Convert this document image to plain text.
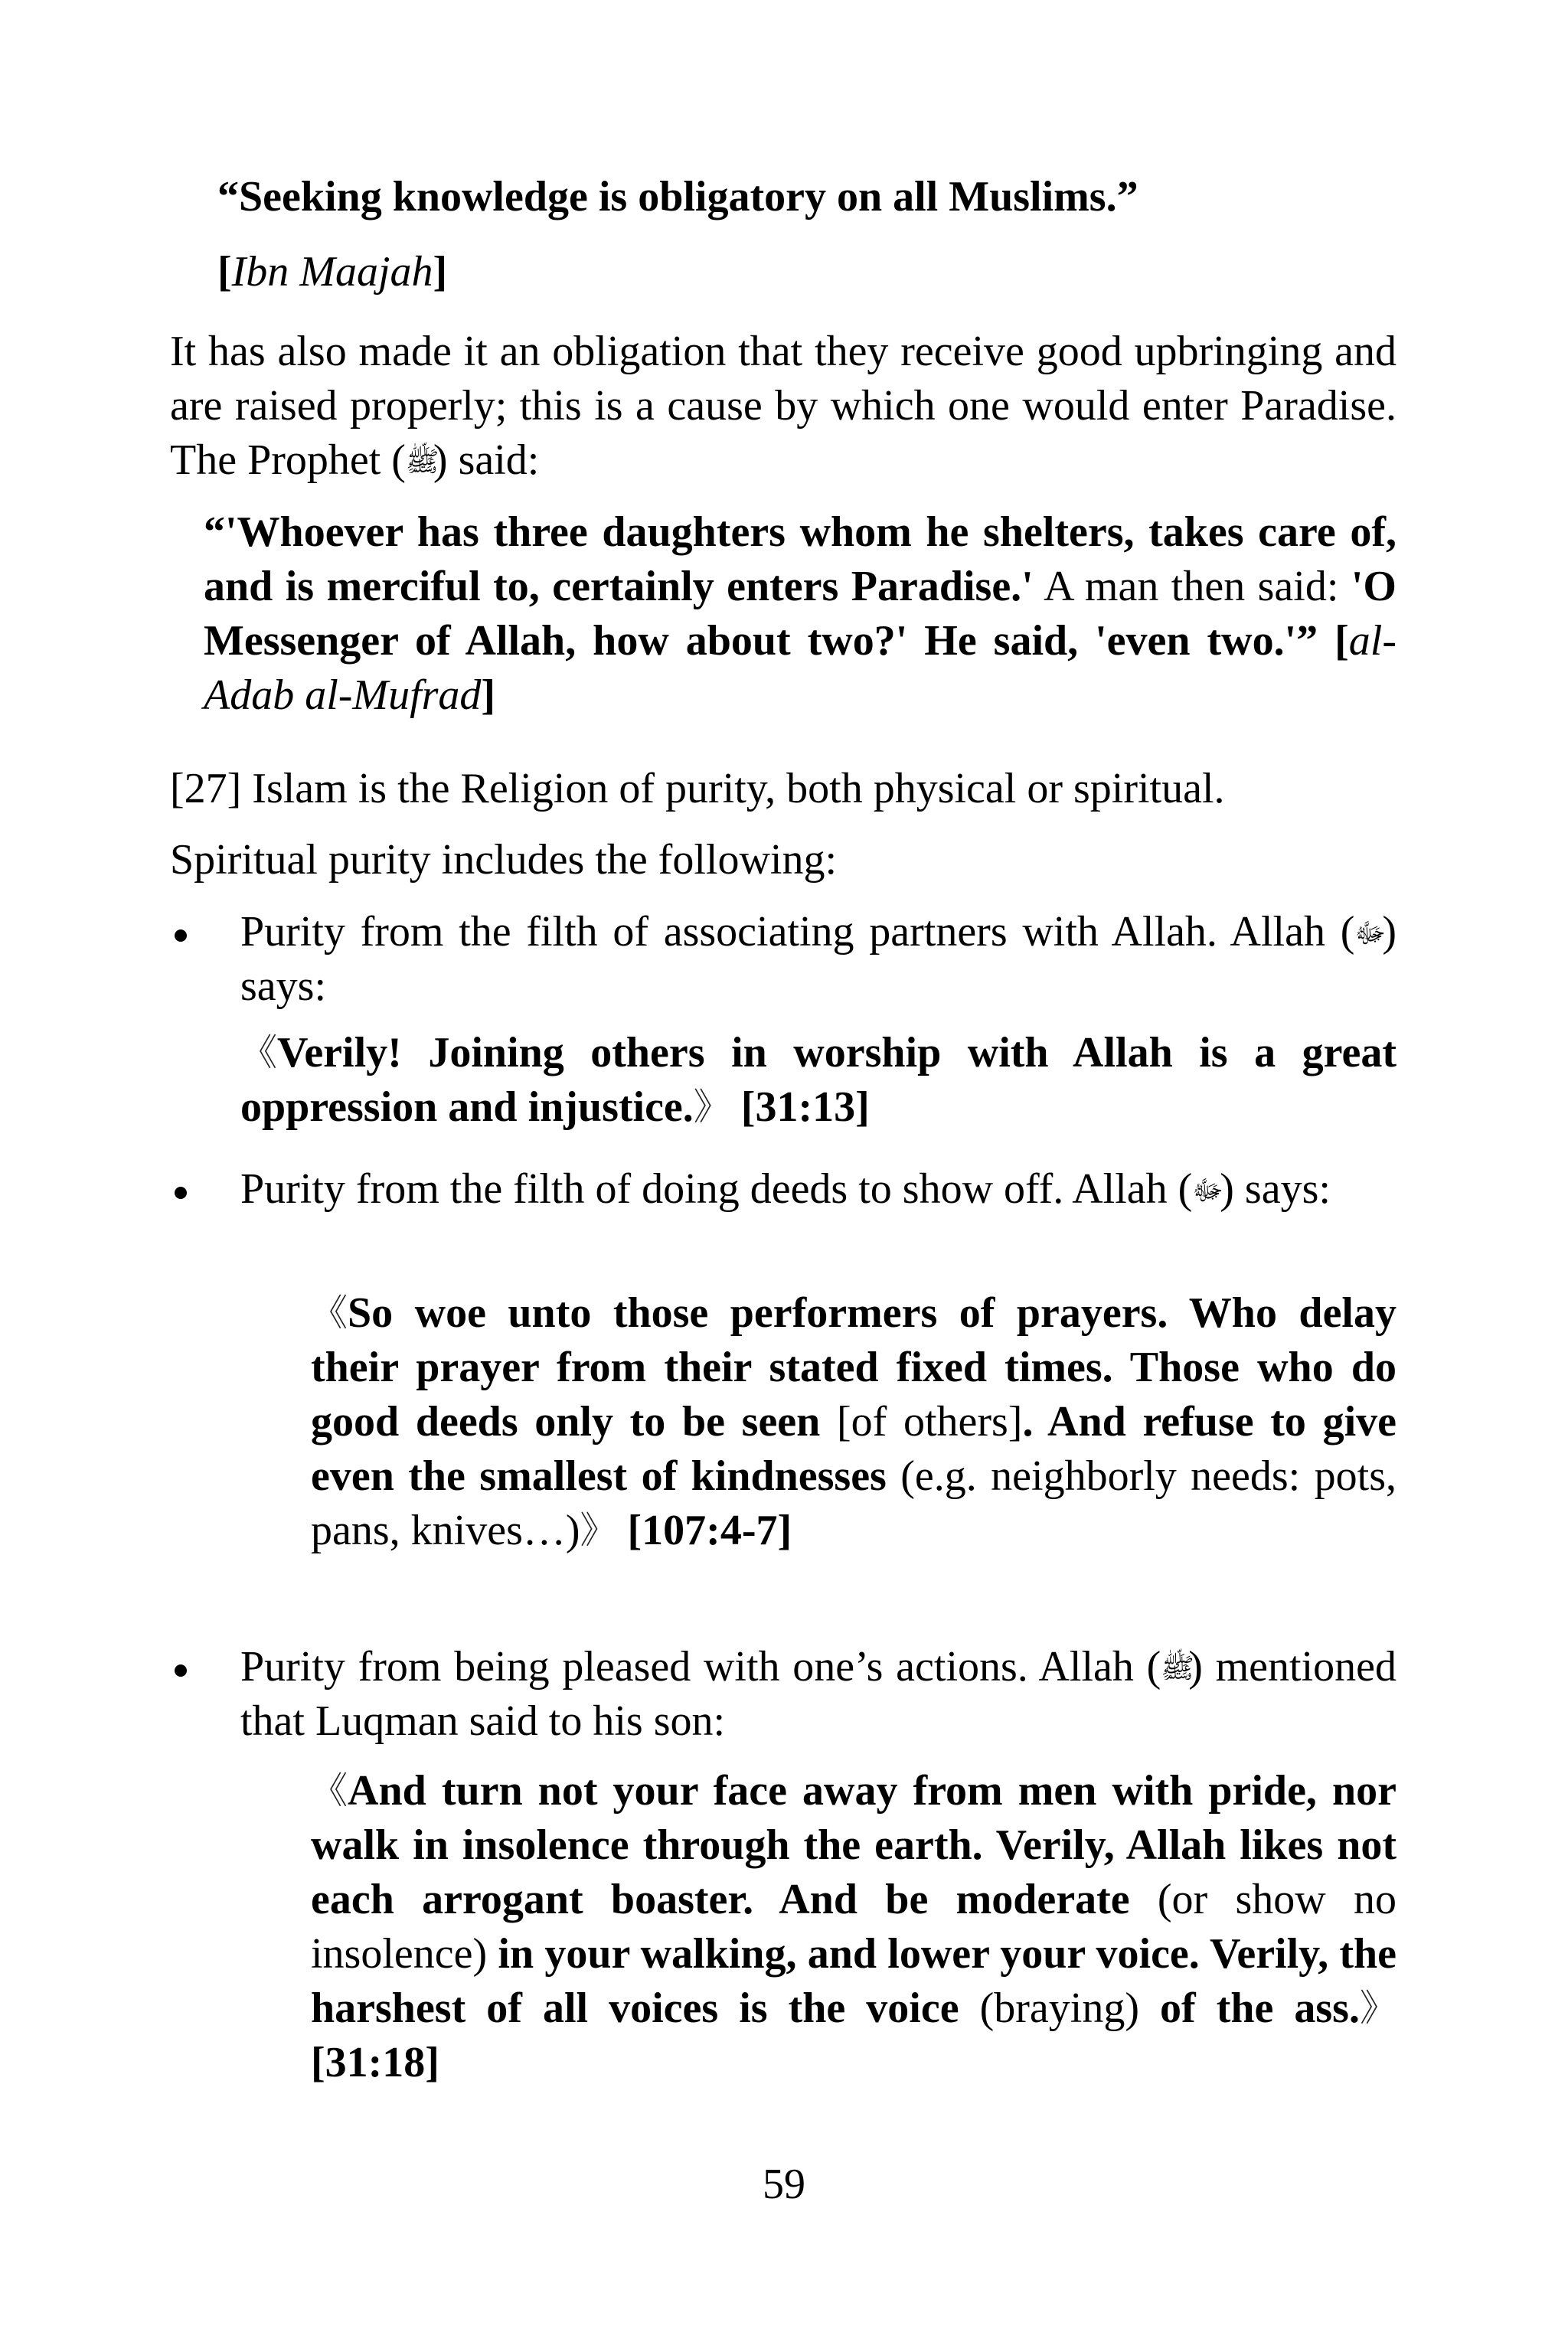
“Seeking knowledge is obligatory on all Muslims.”

[Ibn Maajah]

It has also made it an obligation that they receive good upbringing and are raised properly; this is a cause by which one would enter Paradise. The Prophet (ﷺ) said:

“'Whoever has three daughters whom he shelters, takes care of, and is merciful to, certainly enters Paradise.' A man then said: 'O Messenger of Allah, how about two?' He said, 'even two.'” [al-Adab al-Mufrad]

[27] Islam is the Religion of purity, both physical or spiritual.

Spiritual purity includes the following:

Purity from the filth of associating partners with Allah. Allah (ﷻ) says:

《Verily! Joining others in worship with Allah is a great oppression and injustice.》 [31:13]

Purity from the filth of doing deeds to show off. Allah (ﷻ) says:

《So woe unto those performers of prayers. Who delay their prayer from their stated fixed times. Those who do good deeds only to be seen [of others]. And refuse to give even the smallest of kindnesses (e.g. neighborly needs: pots, pans, knives…)》 [107:4-7]

Purity from being pleased with one’s actions. Allah (ﷺ) mentioned that Luqman said to his son:

《And turn not your face away from men with pride, nor walk in insolence through the earth. Verily, Allah likes not each arrogant boaster. And be moderate (or show no insolence) in your walking, and lower your voice. Verily, the harshest of all voices is the voice (braying) of the ass.》 [31:18]

59
